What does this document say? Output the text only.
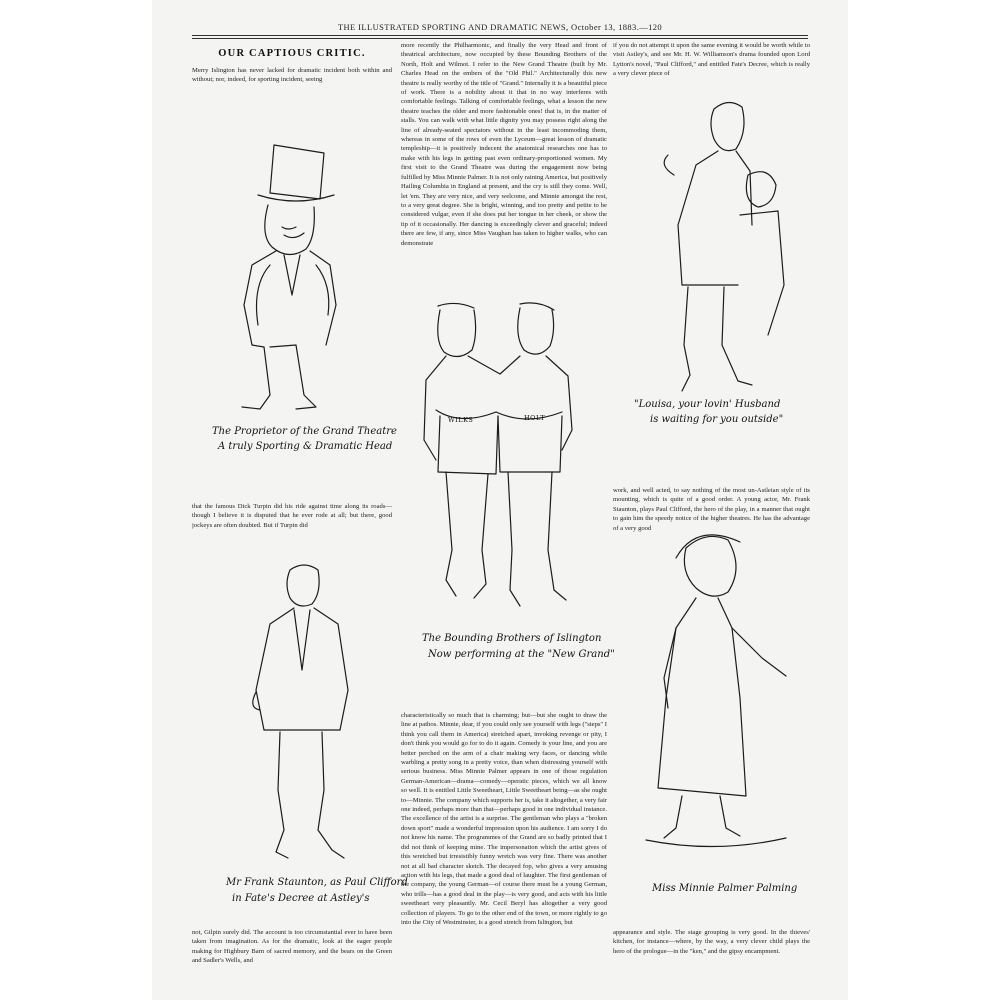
THE ILLUSTRATED SPORTING AND DRAMATIC NEWS, October 13, 1883.—120
OUR CAPTIOUS CRITIC.

Merry Islington has never lacked for dramatic incident both within and without; nor, indeed, for sporting incident, seeing

more recently the Philharmonic, and finally the very Head and front of theatrical architecture, now occupied by these Bounding Brothers of the North, Holt and Wilmot. I refer to the New Grand Theatre (built by Mr. Charles Head on the embers of the "Old Phil." Architecturally this new theatre is really worthy of the title of "Grand." Internally it is a beautiful piece of work. There is a nobility about it that in no way interferes with comfortable feelings. Talking of comfortable feelings, what a lesson the new theatre teaches the older and more fashionable ones! that is, in the matter of stalls. You can walk with what little dignity you may possess right along the line of already-seated spectators without in the least incommoding them, whereas in some of the rows of even the Lyceum—great lesson of dramatic templeship—it is positively indecent the anatomical researches one has to make with his legs in getting past even ordinary-proportioned women. My first visit to the Grand Theatre was during the engagement now being fulfilled by Miss Minnie Palmer. It is not only raining America, but positively Hailing Columbia in England at present, and the cry is still they come. Well, let 'em. They are very nice, and very welcome, and Minnie amongst the rest, to a very great degree. She is bright, winning, and too pretty and petite to be considered vulgar, even if she does put her tongue in her cheek, or show the tip of it occasionally. Her dancing is exceedingly clever and graceful; indeed there are few, if any, since Miss Vaughan has taken to higher walks, who can demonstrate

if you do not attempt it upon the same evening it would be worth while to visit Astley's, and see Mr. H. W. Williamson's drama founded upon Lord Lytton's novel, "Paul Clifford," and entitled Fate's Decree, which is really a very clever piece of

that the famous Dick Turpin did his ride against time along its roads—though I believe it is disputed that he ever rode at all; but there, good jockeys are often doubted. But if Turpin did

work, and well acted, to say nothing of the most un-Astleian style of its mounting, which is quite of a good order. A young actor, Mr. Frank Staunton, plays Paul Clifford, the hero of the play, in a manner that ought to gain him the speedy notice of the higher theatres. He has the advantage of a very good

not, Gilpin surely did. The account is too circumstantial ever to have been taken from imagination. As for the dramatic, look at the eager people making for Highbury Barn of sacred memory, and the bears on the Green and Sadler's Wells, and

characteristically so much that is charming; but—but she ought to draw the line at pathos. Minnie, dear, if you could only see yourself with legs ("steps" I think you call them in America) stretched apart, invoking revenge or pity, I don't think you would go for to do it again. Comedy is your line, and you are better perched on the arm of a chair making wry faces, or dancing while warbling a pretty song in a pretty voice, than when distressing yourself with serious business. Miss Minnie Palmer appears in one of those regulation German-American—drama—comedy—operatic pieces, which we all know so well. It is entitled Little Sweetheart, Little Sweetheart being—as she ought to—Minnie. The company which supports her is, take it altogether, a very fair one indeed, perhaps more than that—perhaps good in one individual instance. The excellence of the artist is a surprise. The gentleman who plays a "broken down sport" made a wonderful impression upon his audience. I am sorry I do not know his name. The programmes of the Grand are so badly printed that I did not think of keeping mine. The impersonation which the artist gives of this wretched but irresistibly funny wretch was very fine. There was another not at all bad character sketch. The decayed fop, who gives a very amusing action with his legs, that made a good deal of laughter. The first gentleman of the company, the young German—of course there must be a young German, who trills—has a good deal in the play—is very good, and acts with his little sweetheart very pleasantly. Mr. Cecil Beryl has altogether a very good collection of players. To go to the other end of the town, or more rightly to go into the City of Westminster, is a good stretch from Islington, but

appearance and style. The stage grouping is very good. In the thieves' kitchen, for instance—where, by the way, a very clever child plays the hero of the prologue—in the "ken," and the gipsy encampment.

The Proprietor of the Grand Theatre
A truly Sporting & Dramatic Head
WILKS	HOLT
The Bounding Brothers of Islington
Now performing at the "New Grand"
"Louisa, your lovin' Husband
is waiting for you outside"
Mr Frank Staunton, as Paul Clifford
in Fate's Decree at Astley's
Miss Minnie Palmer Palming
